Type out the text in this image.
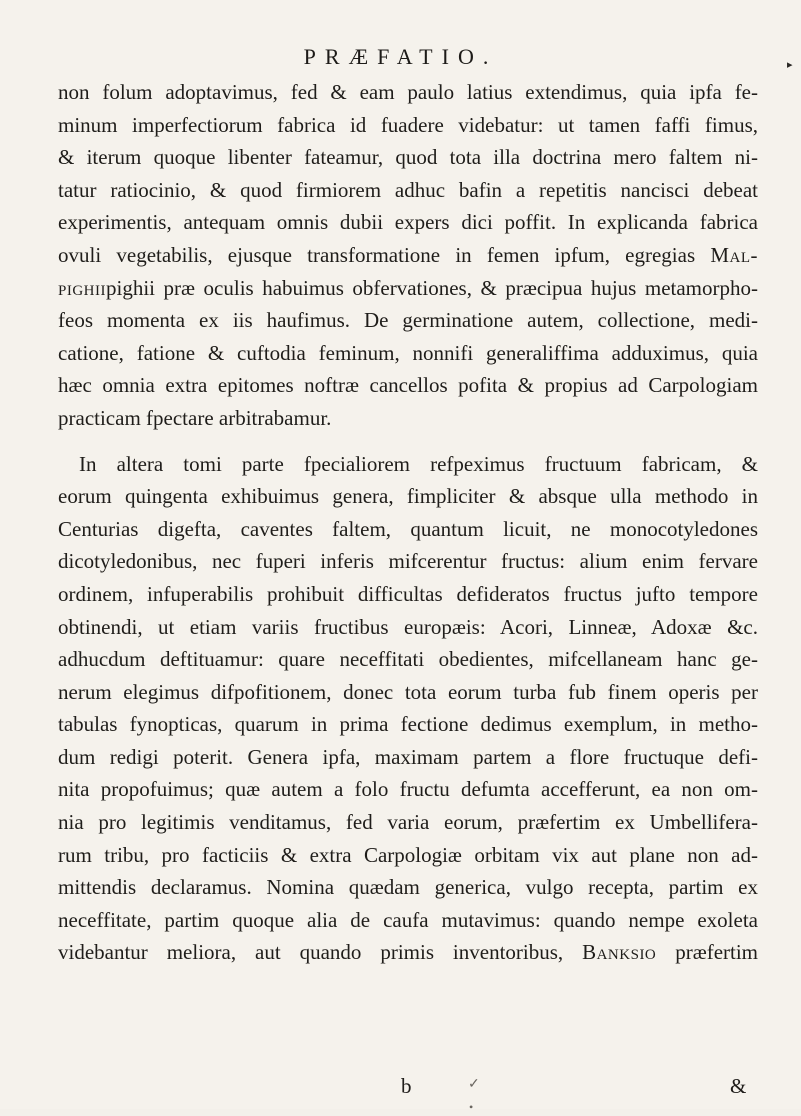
PRÆFATIO.	▸
non folum adoptavimus, fed & eam paulo latius extendimus, quia ipfa fe-
minum imperfectiorum fabrica id fuadere videbatur: ut tamen faffi fimus,
& iterum quoque libenter fateamur, quod tota illa doctrina mero faltem ni-
tatur ratiocinio, & quod firmiorem adhuc bafin a repetitis nancisci debeat
experimentis, antequam omnis dubii expers dici poffit. In explicanda fabrica
ovuli vegetabilis, ejusque transformatione in femen ipfum, egregias Mal-
pighiipighii præ oculis habuimus obfervationes, & præcipua hujus metamorpho-
feos momenta ex iis haufimus. De germinatione autem, collectione, medi-
catione, fatione & cuftodia feminum, nonnifi generaliffima adduximus, quia
hæc omnia extra epitomes noftræ cancellos pofita & propius ad Carpologiam
practicam fpectare arbitrabamur.
In altera tomi parte fpecialiorem refpeximus fructuum fabricam, &
eorum quingenta exhibuimus genera, fimpliciter & absque ulla methodo in
Centurias digefta, caventes faltem, quantum licuit, ne monocotyledones
dicotyledonibus, nec fuperi inferis mifcerentur fructus: alium enim fervare
ordinem, infuperabilis prohibuit difficultas defideratos fructus jufto tempore
obtinendi, ut etiam variis fructibus europæis: Acori, Linneæ, Adoxæ &c.
adhucdum deftituamur: quare neceffitati obedientes, mifcellaneam hanc ge-
nerum elegimus difpofitionem, donec tota eorum turba fub finem operis per
tabulas fynopticas, quarum in prima fectione dedimus exemplum, in metho-
dum redigi poterit. Genera ipfa, maximam partem a flore fructuque defi-
nita propofuimus; quæ autem a folo fructu defumta accefferunt, ea non om-
nia pro legitimis venditamus, fed varia eorum, præfertim ex Umbellifera-
rum tribu, pro facticiis & extra Carpologiæ orbitam vix aut plane non ad-
mittendis declaramus. Nomina quædam generica, vulgo recepta, partim ex
neceffitate, partim quoque alia de caufa mutavimus: quando nempe exoleta
videbantur meliora, aut quando primis inventoribus, Banksio præfertim
b	✓	&
•
